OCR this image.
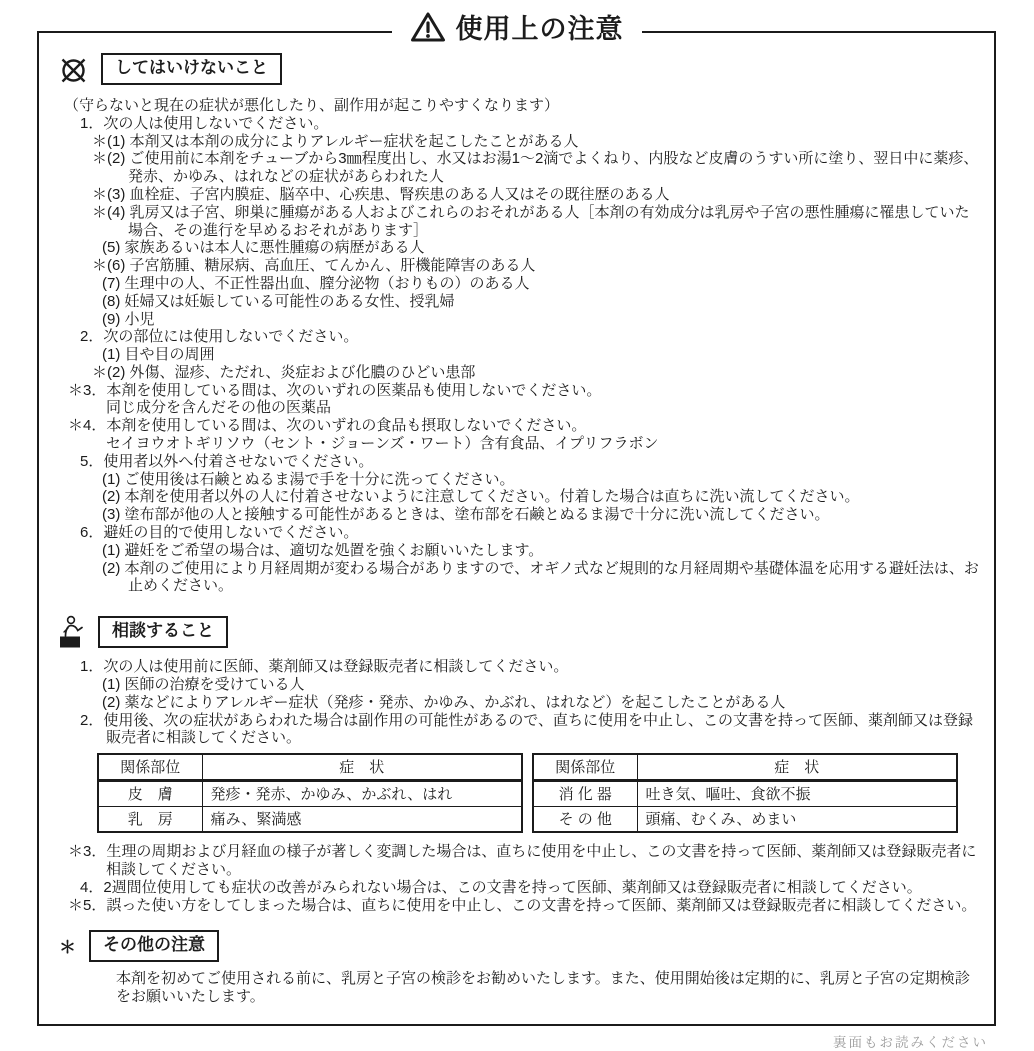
使用上の注意
してはいけないこと
（守らないと現在の症状が悪化したり、副作用が起こりやすくなります）
1．次の人は使用しないでください。
＊(1) 本剤又は本剤の成分によりアレルギー症状を起こしたことがある人
＊(2) ご使用前に本剤をチューブから3㎜程度出し、水又はお湯1～2滴でよくねり、内股など皮膚のうすい所に塗り、翌日中に薬疹、発赤、かゆみ、はれなどの症状があらわれた人
＊(3) 血栓症、子宮内膜症、脳卒中、心疾患、腎疾患のある人又はその既往歴のある人
＊(4) 乳房又は子宮、卵巣に腫瘍がある人およびこれらのおそれがある人［本剤の有効成分は乳房や子宮の悪性腫瘍に罹患していた場合、その進行を早めるおそれがあります］
(5) 家族あるいは本人に悪性腫瘍の病歴がある人
＊(6) 子宮筋腫、糖尿病、高血圧、てんかん、肝機能障害のある人
(7) 生理中の人、不正性器出血、膣分泌物（おりもの）のある人
(8) 妊婦又は妊娠している可能性のある女性、授乳婦
(9) 小児
2．次の部位には使用しないでください。
(1) 目や目の周囲
＊(2) 外傷、湿疹、ただれ、炎症および化膿のひどい患部
＊3．本剤を使用している間は、次のいずれの医薬品も使用しないでください。
同じ成分を含んだその他の医薬品
＊4．本剤を使用している間は、次のいずれの食品も摂取しないでください。
セイヨウオトギリソウ（セント・ジョーンズ・ワート）含有食品、イプリフラボン
5．使用者以外へ付着させないでください。
(1) ご使用後は石鹸とぬるま湯で手を十分に洗ってください。
(2) 本剤を使用者以外の人に付着させないように注意してください。付着した場合は直ちに洗い流してください。
(3) 塗布部が他の人と接触する可能性があるときは、塗布部を石鹸とぬるま湯で十分に洗い流してください。
6．避妊の目的で使用しないでください。
(1) 避妊をご希望の場合は、適切な処置を強くお願いいたします。
(2) 本剤のご使用により月経周期が変わる場合がありますので、オギノ式など規則的な月経周期や基礎体温を応用する避妊法は、お止めください。
相談すること
1．次の人は使用前に医師、薬剤師又は登録販売者に相談してください。
(1) 医師の治療を受けている人
(2) 薬などによりアレルギー症状（発疹・発赤、かゆみ、かぶれ、はれなど）を起こしたことがある人
2．使用後、次の症状があらわれた場合は副作用の可能性があるので、直ちに使用を中止し、この文書を持って医師、薬剤師又は登録販売者に相談してください。
関係部位	症　状
皮　膚	発疹・発赤、かゆみ、かぶれ、はれ
乳　房	痛み、緊満感
関係部位	症　状
消 化 器	吐き気、嘔吐、食欲不振
そ の 他	頭痛、むくみ、めまい
＊3．生理の周期および月経血の様子が著しく変調した場合は、直ちに使用を中止し、この文書を持って医師、薬剤師又は登録販売者に相談してください。
4．2週間位使用しても症状の改善がみられない場合は、この文書を持って医師、薬剤師又は登録販売者に相談してください。
＊5．誤った使い方をしてしまった場合は、直ちに使用を中止し、この文書を持って医師、薬剤師又は登録販売者に相談してください。
＊	その他の注意
本剤を初めてご使用される前に、乳房と子宮の検診をお勧めいたします。また、使用開始後は定期的に、乳房と子宮の定期検診をお願いいたします。
裏面もお読みください
